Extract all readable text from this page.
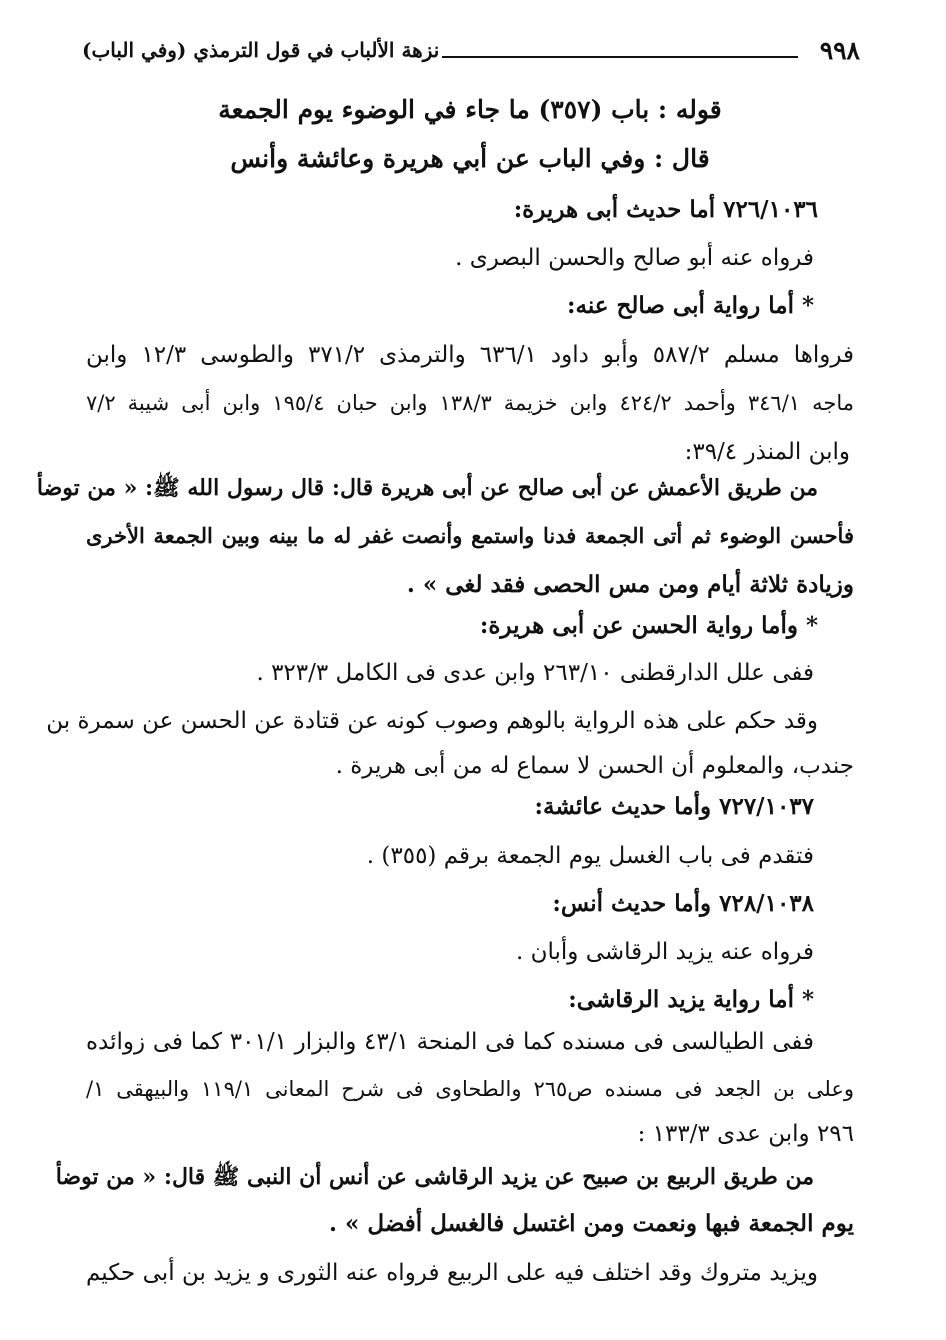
٩٩٨
نزهة الألباب في قول الترمذي (وفي الباب)
قوله : باب (٣٥٧) ما جاء في الوضوء يوم الجمعة
قال : وفي الباب عن أبي هريرة وعائشة وأنس
٧٢٦/١٠٣٦ أما حديث أبى هريرة:
فرواه عنه أبو صالح والحسن البصرى .
* أما رواية أبى صالح عنه:
فرواها مسلم ٥٨٧/٢ وأبو داود ٦٣٦/١ والترمذى ٣٧١/٢ والطوسى ١٢/٣ وابن
ماجه ٣٤٦/١ وأحمد ٤٢٤/٢ وابن خزيمة ١٣٨/٣ وابن حبان ١٩٥/٤ وابن أبى شيبة ٧/٢
وابن المنذر ٣٩/٤:
من طريق الأعمش عن أبى صالح عن أبى هريرة قال: قال رسول الله ﷺ: « من توضأ
فأحسن الوضوء ثم أتى الجمعة فدنا واستمع وأنصت غفر له ما بينه وبين الجمعة الأخرى
وزيادة ثلاثة أيام ومن مس الحصى فقد لغى » .
* وأما رواية الحسن عن أبى هريرة:
ففى علل الدارقطنى ٢٦٣/١٠ وابن عدى فى الكامل ٣٢٣/٣ .
وقد حكم على هذه الرواية بالوهم وصوب كونه عن قتادة عن الحسن عن سمرة بن
جندب، والمعلوم أن الحسن لا سماع له من أبى هريرة .
٧٢٧/١٠٣٧ وأما حديث عائشة:
فتقدم فى باب الغسل يوم الجمعة برقم (٣٥٥) .
٧٢٨/١٠٣٨ وأما حديث أنس:
فرواه عنه يزيد الرقاشى وأبان .
* أما رواية يزيد الرقاشى:
ففى الطيالسى فى مسنده كما فى المنحة ٤٣/١ والبزار ٣٠١/١ كما فى زوائده
وعلى بن الجعد فى مسنده ص٢٦٥ والطحاوى فى شرح المعانى ١١٩/١ والبيهقى ١/
٢٩٦ وابن عدى ١٣٣/٣ :
من طريق الربيع بن صبيح عن يزيد الرقاشى عن أنس أن النبى ﷺ قال: « من توضأ
يوم الجمعة فبها ونعمت ومن اغتسل فالغسل أفضل » .
ويزيد متروك وقد اختلف فيه على الربيع فرواه عنه الثورى و يزيد بن أبى حكيم
